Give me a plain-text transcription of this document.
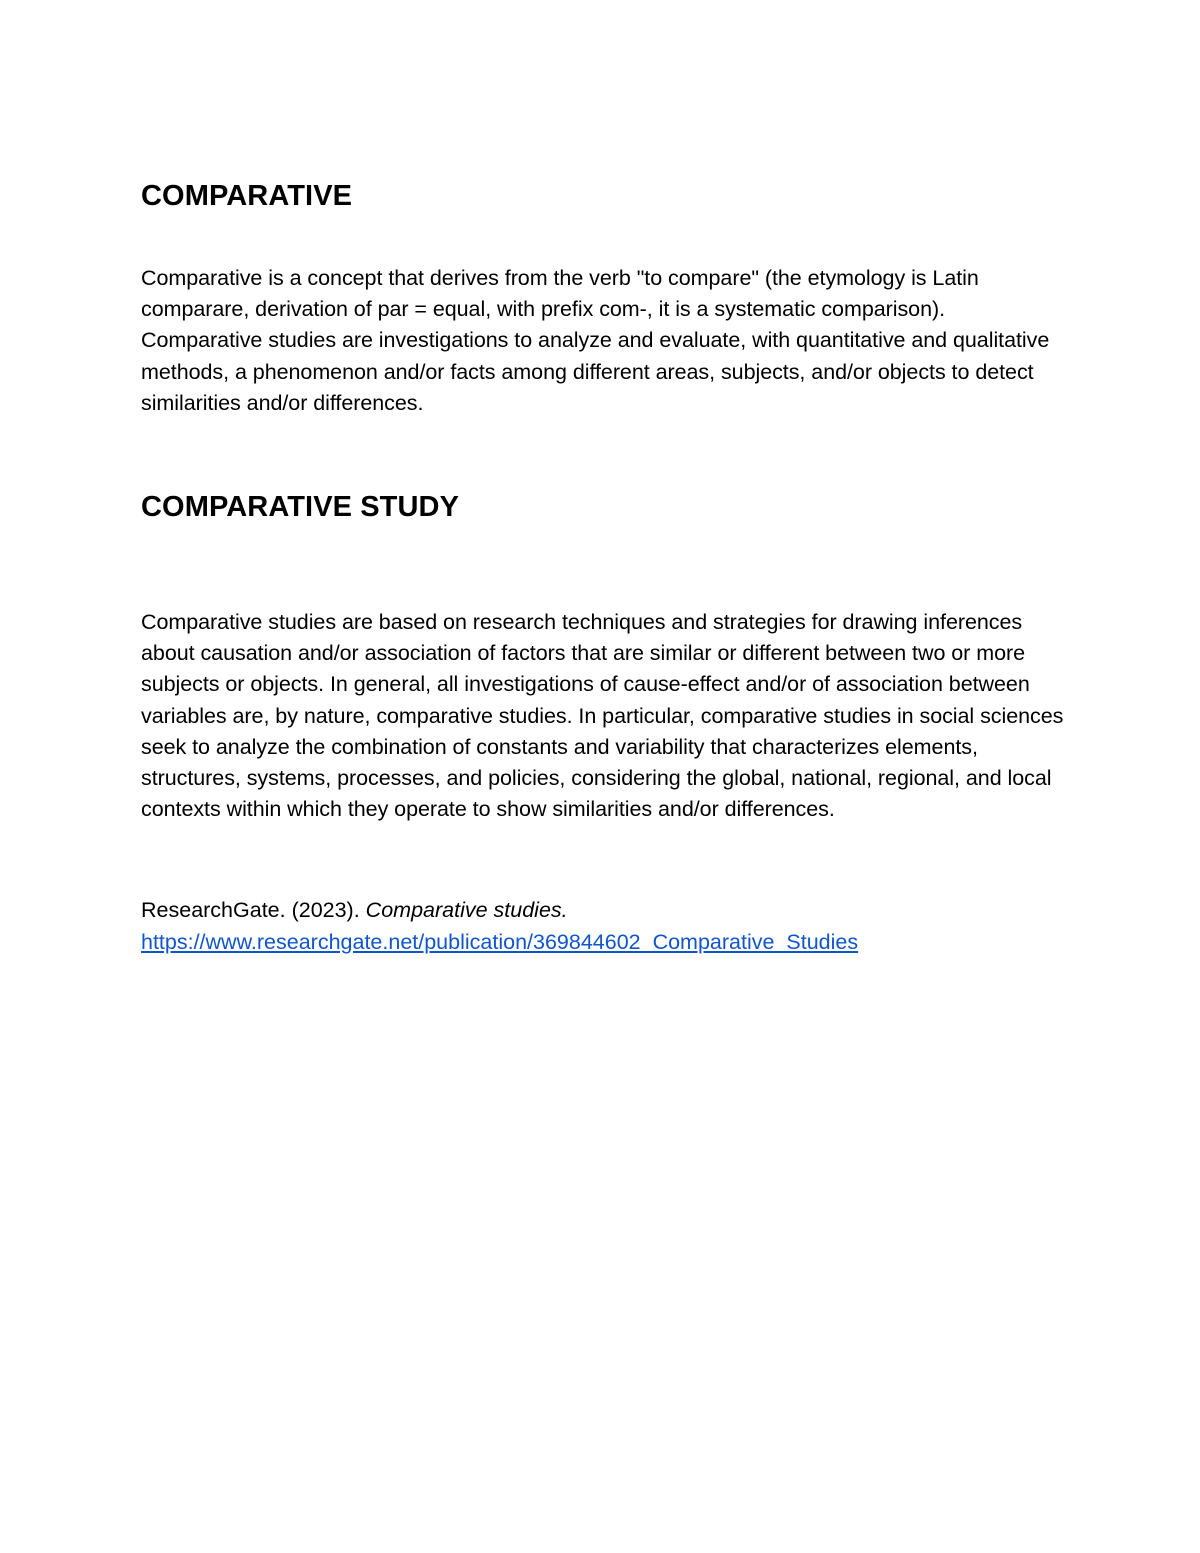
COMPARATIVE

Comparative is a concept that derives from the verb "to compare" (the etymology is Latin comparare, derivation of par = equal, with prefix com-, it is a systematic comparison). Comparative studies are investigations to analyze and evaluate, with quantitative and qualitative methods, a phenomenon and/or facts among different areas, subjects, and/or objects to detect similarities and/or differences.

COMPARATIVE STUDY

Comparative studies are based on research techniques and strategies for drawing inferences about causation and/or association of factors that are similar or different between two or more subjects or objects. In general, all investigations of cause-effect and/or of association between variables are, by nature, comparative studies. In particular, comparative studies in social sciences seek to analyze the combination of constants and variability that characterizes elements, structures, systems, processes, and policies, considering the global, national, regional, and local contexts within which they operate to show similarities and/or differences.

ResearchGate. (2023). Comparative studies.

https://www.researchgate.net/publication/369844602_Comparative_Studies
